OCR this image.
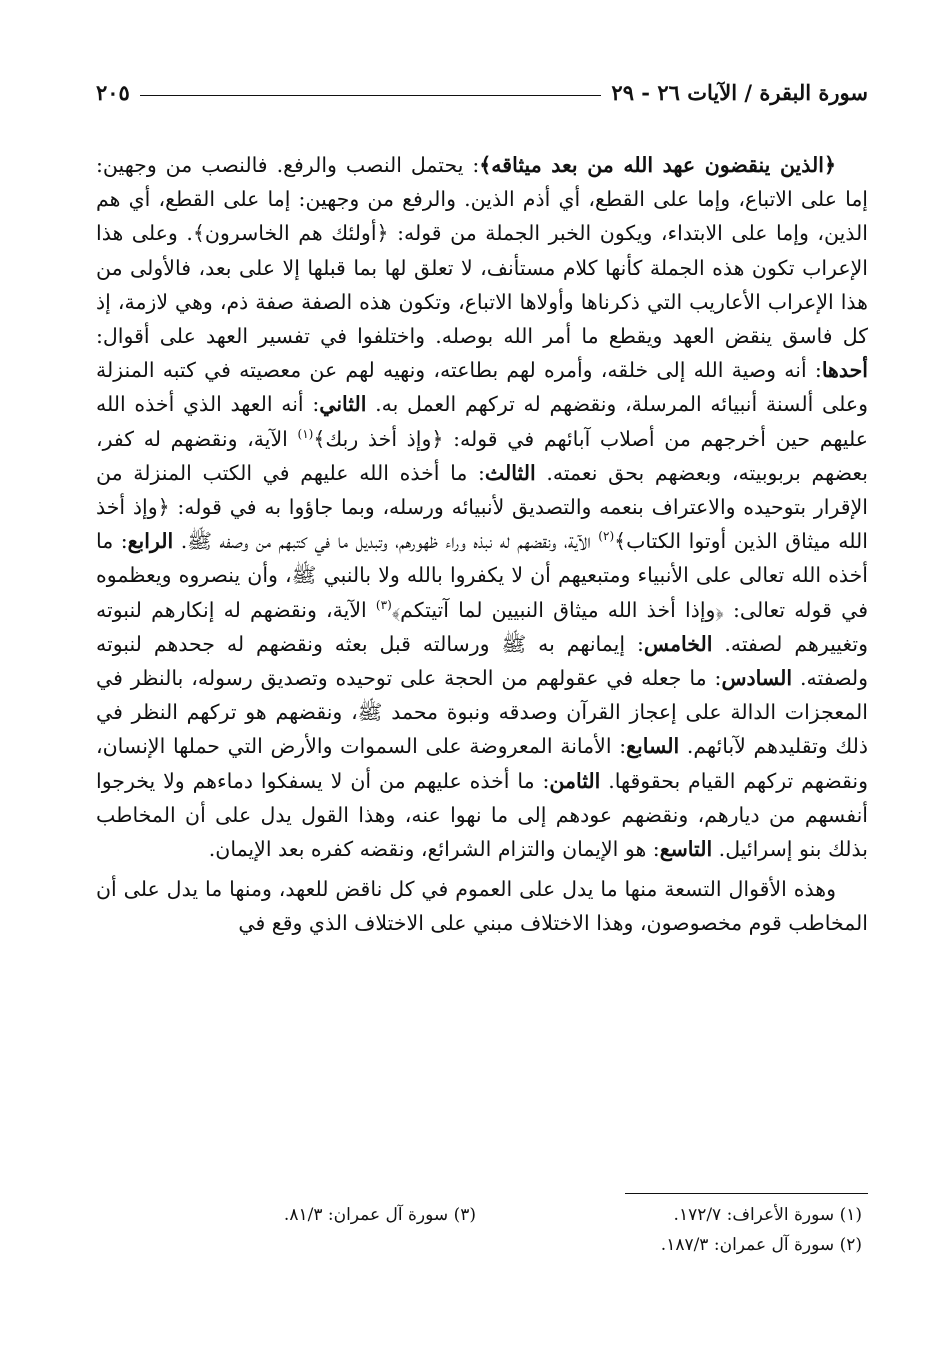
سورة البقرة / الآيات ٢٦ - ٢٩
٢٠٥

﴿الذين ينقضون عهد الله من بعد ميثاقه﴾: يحتمل النصب والرفع. فالنصب من وجهين: إما على الاتباع، وإما على القطع، أي أذم الذين. والرفع من وجهين: إما على القطع، أي هم الذين، وإما على الابتداء، ويكون الخبر الجملة من قوله: ﴿أولئك هم الخاسرون﴾. وعلى هذا الإعراب تكون هذه الجملة كأنها كلام مستأنف، لا تعلق لها بما قبلها إلا على بعد، فالأولى من هذا الإعراب الأعاريب التي ذكرناها وأولاها الاتباع، وتكون هذه الصفة صفة ذم، وهي لازمة، إذ كل فاسق ينقض العهد ويقطع ما أمر الله بوصله. واختلفوا في تفسير العهد على أقوال: أحدها: أنه وصية الله إلى خلقه، وأمره لهم بطاعته، ونهيه لهم عن معصيته في كتبه المنزلة وعلى ألسنة أنبيائه المرسلة، ونقضهم له تركهم العمل به. الثاني: أنه العهد الذي أخذه الله عليهم حين أخرجهم من أصلاب آبائهم في قوله: ﴿وإذ أخذ ربك﴾$^{(١)}$ الآية، ونقضهم له كفر، بعضهم بربوبيته، وبعضهم بحق نعمته. الثالث: ما أخذه الله عليهم في الكتب المنزلة من الإقرار بتوحيده والاعتراف بنعمه والتصديق لأنبيائه ورسله، وبما جاؤوا به في قوله: ﴿وإذ أخذ الله ميثاق الذين أوتوا الكتاب﴾$^{(٢)}$ الآية، ونقضهم له نبذه وراء ظهورهم، وتبديل ما في كتبهم من وصفه ﷺ. الرابع: ما أخذه الله تعالى على الأنبياء ومتبعيهم أن لا يكفروا بالله ولا بالنبي ﷺ، وأن ينصروه ويعظموه في قوله تعالى: ﴿وإذا أخذ الله ميثاق النبيين لما آتيتكم﴾$^{(٣)}$ الآية، ونقضهم له إنكارهم لنبوته وتغييرهم لصفته. الخامس: إيمانهم به ﷺ ورسالته قبل بعثه ونقضهم له جحدهم لنبوته ولصفته. السادس: ما جعله في عقولهم من الحجة على توحيده وتصديق رسوله، بالنظر في المعجزات الدالة على إعجاز القرآن وصدقه ونبوة محمد ﷺ، ونقضهم هو تركهم النظر في ذلك وتقليدهم لآبائهم. السابع: الأمانة المعروضة على السموات والأرض التي حملها الإنسان، ونقضهم تركهم القيام بحقوقها. الثامن: ما أخذه عليهم من أن لا يسفكوا دماءهم ولا يخرجوا أنفسهم من ديارهم، ونقضهم عودهم إلى ما نهوا عنه، وهذا القول يدل على أن المخاطب بذلك بنو إسرائيل. التاسع: هو الإيمان والتزام الشرائع، ونقضه كفره بعد الإيمان.

وهذه الأقوال التسعة منها ما يدل على العموم في كل ناقض للعهد، ومنها ما يدل على أن المخاطب قوم مخصوصون، وهذا الاختلاف مبني على الاختلاف الذي وقع في

(١) سورة الأعراف: ١٧٢/٧.
(٣) سورة آل عمران: ٨١/٣.
(٢) سورة آل عمران: ١٨٧/٣.
